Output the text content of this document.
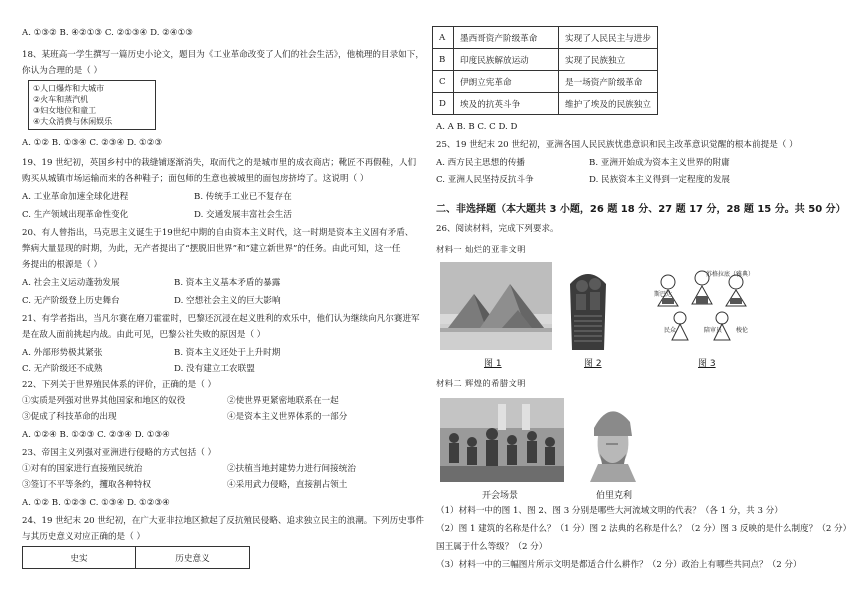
A. ①③② B. ④②①③ C. ②①③④ D. ②④①③
18、某班高一学生撰写一篇历史小论文，题目为《工业革命改变了人们的社会生活》，他梳理的目录如下，
你认为合理的是（ ）
①人口爆炸和大城市
②火车和蒸汽机
③妇女地位和童工
④大众消费与休闲娱乐
A. ①② B. ①③④ C. ②③④ D. ①②③
19、19 世纪初，英国乡村中的栽缝铺逐渐消失，取而代之的是城市里的成衣商店；靴匠不再假鞋，人们
购买从城镇市场运输而来的各种鞋子；面包师的生意也被城里的面包房挤垮了。这说明（ ）
A. 工业革命加速全球化进程	B. 传统手工业已不复存在
C. 生产领域出现革命性变化	D. 交通发展丰富社会生活
20、有人曾指出，马克思主义诞生于19世纪中期的自由资本主义时代，这一时期是资本主义固有矛盾、
弊病大量显现的时期，为此，无产者提出了“摆脱旧世界”和“建立新世界”的任务。由此可知，这一任
务提出的根源是（ ）
A. 社会主义运动蓬勃发展	B. 资本主义基本矛盾的暴露
C. 无产阶级登上历史舞台	D. 空想社会主义的巨大影响
21、有学者指出，当凡尔赛在磨刀霍霍时，巴黎还沉浸在起义胜利的欢乐中，他们认为继续向凡尔赛进军
是在敌人面前挑起内战。由此可见，巴黎公社失败的原因是（ ）
A. 外部形势极其紧张	B. 资本主义还处于上升时期
C. 无产阶级还不成熟	D. 没有建立工农联盟
22、下列关于世界殖民体系的评价，正确的是（ ）
①实质是列强对世界其他国家和地区的奴役	②使世界更紧密地联系在一起
③促成了科技革命的出现	④是资本主义世界体系的一部分
A. ①②④ B. ①②③ C. ②③④ D. ①③④
23、帝国主义列强对亚洲进行侵略的方式包括（ ）
①对有的国家进行直接殖民统治	②扶植当地封建势力进行间接统治
③签订不平等条约，攫取各种特权	④采用武力侵略，直接割占领土
A. ①② B. ①②③ C. ①③④ D. ①②③④
24、19 世纪末 20 世纪初，在广大亚非拉地区掀起了反抗殖民侵略、追求独立民主的浪潮。下列历史事件
与其历史意义对应正确的是（ ）
史实	历史意义
A	墨西哥资产阶级革命	实现了人民民主与进步
B	印度民族解放运动	实现了民族独立
C	伊朗立宪革命	是一场资产阶级革命
D	埃及的抗英斗争	维护了埃及的民族独立
A. A B. B C. C D. D
25、19 世纪末 20 世纪初，亚洲各国人民民族忧患意识和民主改革意识觉醒的根本前提是（ ）
A. 西方民主思想的传播	B. 亚洲开始成为资本主义世界的附庸
C. 亚洲人民坚持反抗斗争	D. 民族资本主义得到一定程度的发展
二、非选择题（本大题共 3 小题，26 题 18 分、27 题 17 分，28 题 15 分。共 50 分）
26、阅读材料，完成下列要求。
材料一 灿烂的亚非文明
图 1	图 2
苏格拉底（雅典）
斯巴达
民众	陪审员 梭伦
图 3
材料二 辉煌的希腊文明
开会场景	伯里克利
（1）材料一中的图 1、图 2、图 3 分别是哪些大河流域文明的代表？（各 1 分，共 3 分）
（2）图 1 建筑的名称是什么？（1 分）图 2 法典的名称是什么？（2 分）图 3 反映的是什么制度？（2 分）
国王属于什么等级？（2 分）
（3）材料一中的三幅图片所示文明是都适合什么耕作？（2 分）政治上有哪些共同点？（2 分）
